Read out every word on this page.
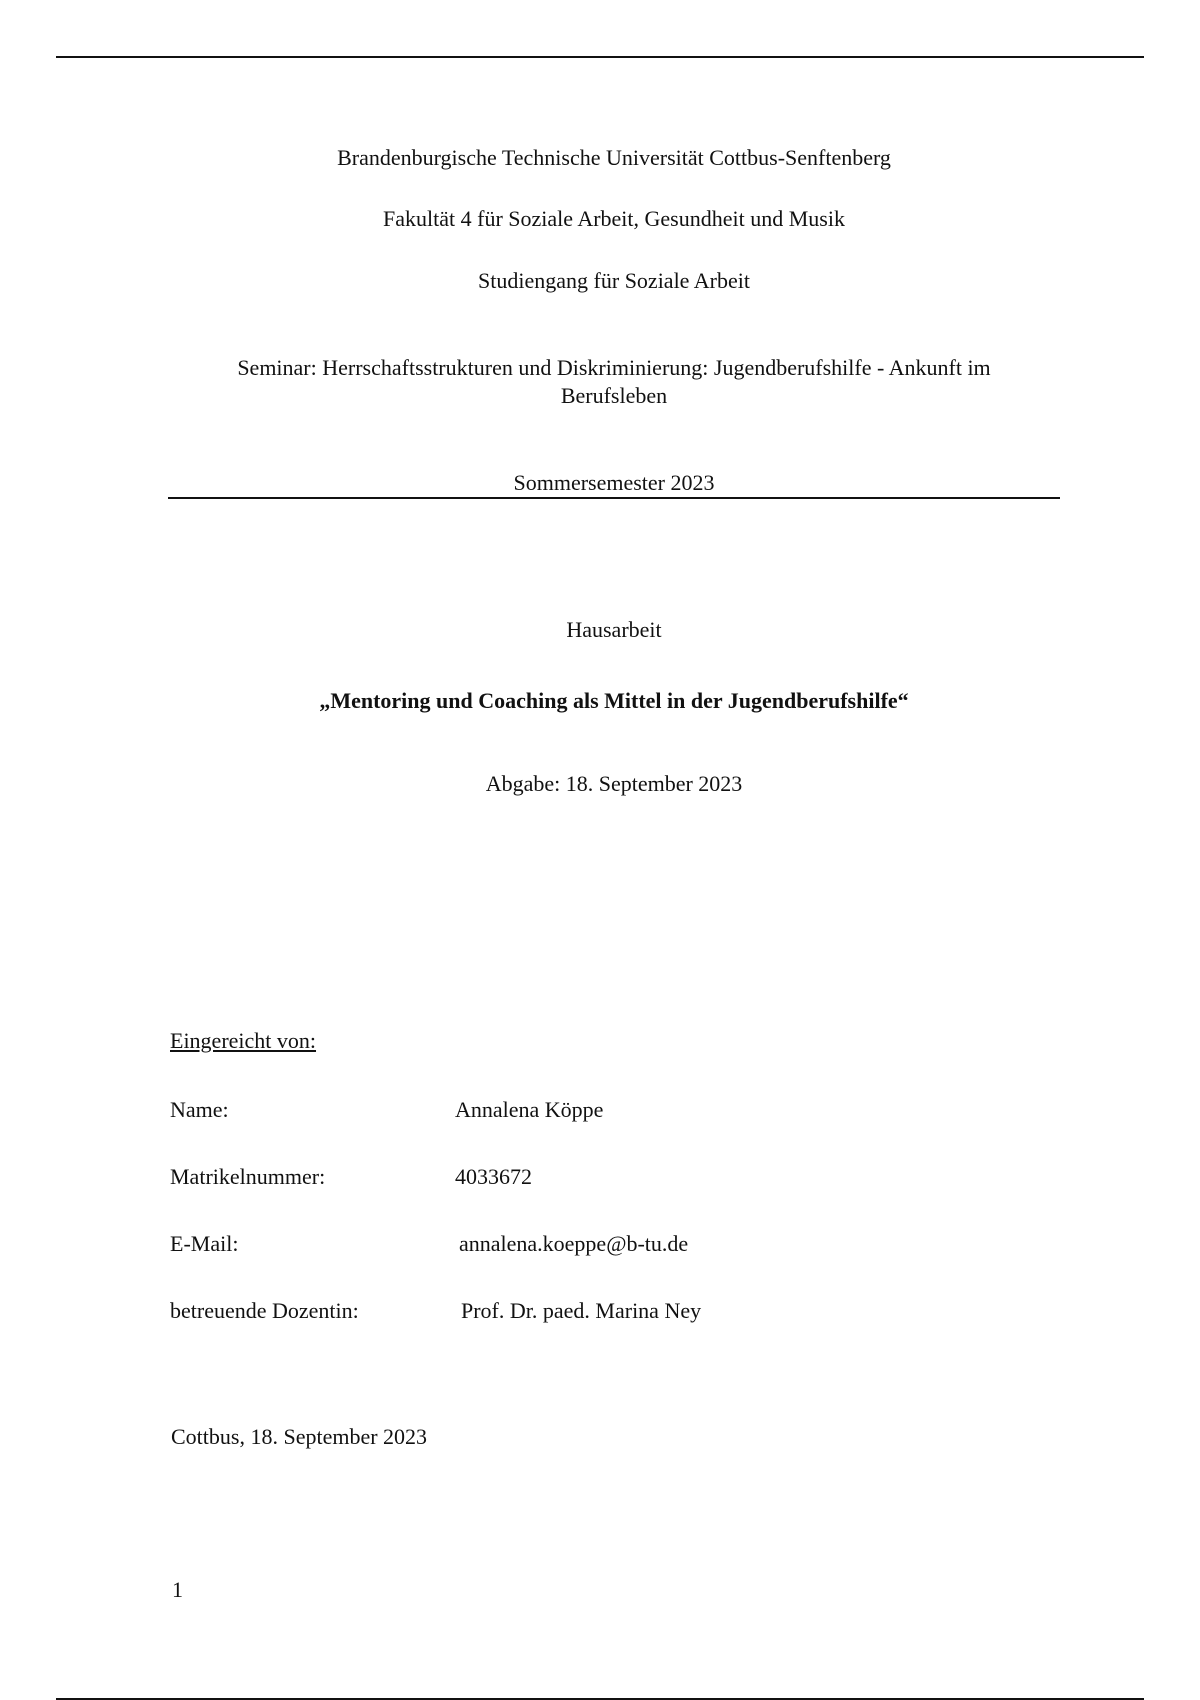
Brandenburgische Technische Universität Cottbus-Senftenberg
Fakultät 4 für Soziale Arbeit, Gesundheit und Musik
Studiengang für Soziale Arbeit
Seminar: Herrschaftsstrukturen und Diskriminierung: Jugendberufshilfe - Ankunft im
Berufsleben
Sommersemester 2023
Hausarbeit
„Mentoring und Coaching als Mittel in der Jugendberufshilfe“
Abgabe: 18. September 2023
Eingereicht von:
Name:	Annalena Köppe
Matrikelnummer:	4033672
E-Mail:	annalena.koeppe@b-tu.de
betreuende Dozentin:	Prof. Dr. paed. Marina Ney
Cottbus, 18. September 2023
1
